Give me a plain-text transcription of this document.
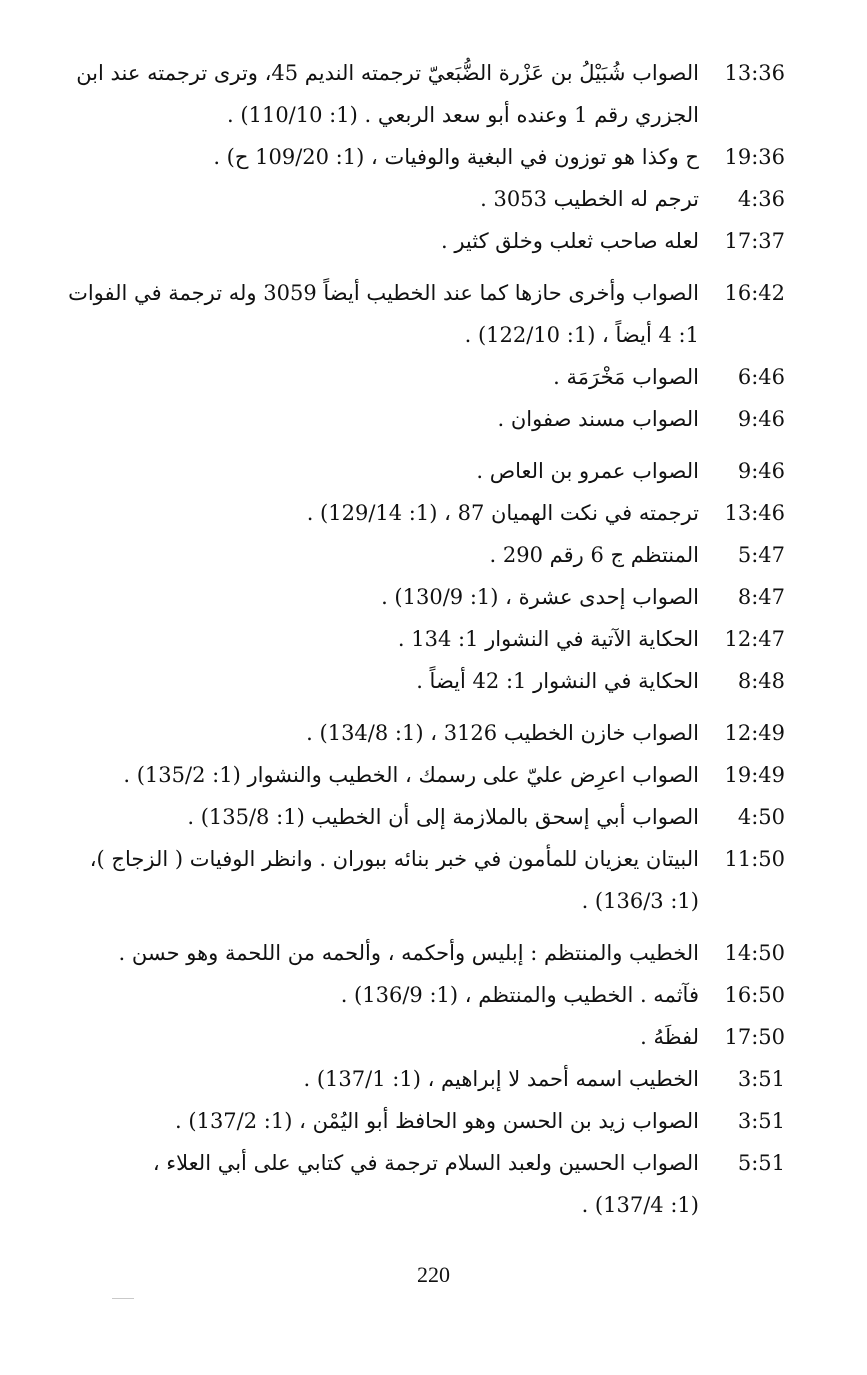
13:36
الصواب شُبَيْلُ بن عَزْرة الضُّبَعيّ ترجمته النديم 45، وترى ترجمته عند ابن
الجزري رقم 1 وعنده أبو سعد الربعي . (1: 110/10) .
19:36
ح وكذا هو توزون في البغية والوفيات ، (1: 109/20 ح) .
4:36
ترجم له الخطيب 3053 .
17:37
لعله صاحب ثعلب وخلق كثير .
16:42
الصواب وأخرى حازها كما عند الخطيب أيضاً 3059 وله ترجمة في الفوات
1: 4 أيضاً ، (1: 122/10) .
6:46
الصواب مَخْرَمَة .
9:46
الصواب مسند صفوان .
9:46
الصواب عمرو بن العاص .
13:46
ترجمته في نكت الهميان 87 ، (1: 129/14) .
5:47
المنتظم ج 6 رقم 290 .
8:47
الصواب إحدى عشرة ، (1: 130/9) .
12:47
الحكاية الآتية في النشوار 1: 134 .
8:48
الحكاية في النشوار 1: 42 أيضاً .
12:49
الصواب خازن الخطيب 3126 ، (1: 134/8) .
19:49
الصواب اعرِض عليّ على رسمك ، الخطيب والنشوار (1: 135/2) .
4:50
الصواب أبي إسحق بالملازمة إلى أن الخطيب (1: 135/8) .
11:50
البيتان يعزيان للمأمون في خبر بنائه ببوران . وانظر الوفيات ( الزجاج )،
(1: 136/3) .
14:50
الخطيب والمنتظم : إبليس وأحكمه ، وألحمه من اللحمة وهو حسن .
16:50
فآثمه . الخطيب والمنتظم ، (1: 136/9) .
17:50
لفظَهُ .
3:51
الخطيب اسمه أحمد لا إبراهيم ، (1: 137/1) .
3:51
الصواب زيد بن الحسن وهو الحافظ أبو اليُمْن ، (1: 137/2) .
5:51
الصواب الحسين ولعبد السلام ترجمة في كتابي على أبي العلاء ،
(1: 137/4) .
220
